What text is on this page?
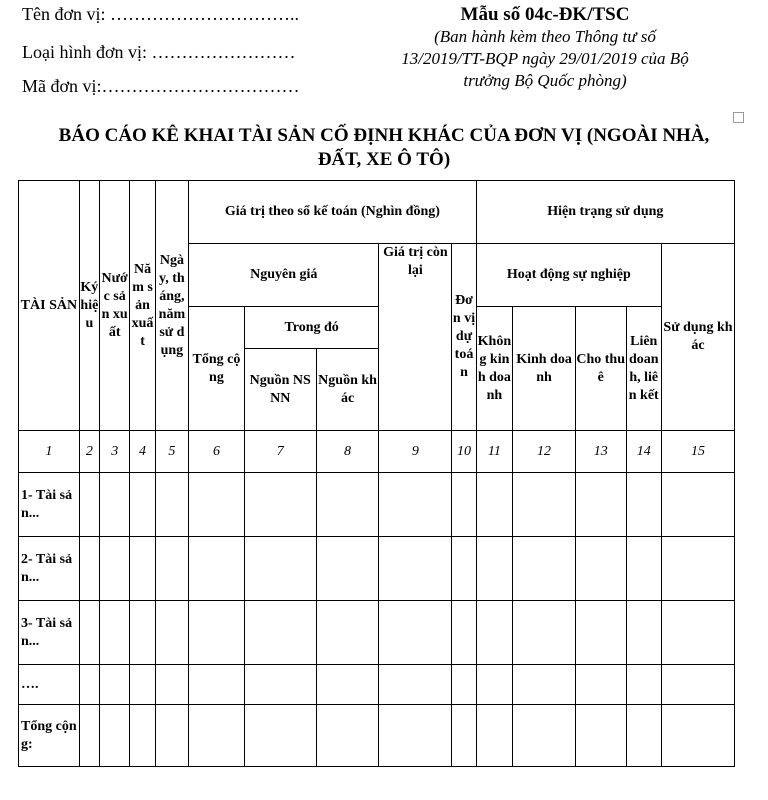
Tên đơn vị: …………………………..
Loại hình đơn vị: ……………………
Mã đơn vị:……………………………
Mẫu số 04c-ĐK/TSC
(Ban hành kèm theo Thông tư số
13/2019/TT-BQP ngày 29/01/2019 của Bộ
trưởng Bộ Quốc phòng)
BÁO CÁO KÊ KHAI TÀI SẢN CỐ ĐỊNH KHÁC CỦA ĐƠN VỊ (NGOÀI NHÀ,
ĐẤT, XE Ô TÔ)
TÀI SẢN	Ký hiệu	Nước sản xuất	Năm sản xuất	Ngày, tháng, năm sử dụng	Giá trị theo sổ kế toán (Nghìn đồng)					Hiện trạng sử dụng				
					Nguyên giá			Giá trị còn lại	Đơn vị dự toán	Hoạt động sự nghiệp				Sử dụng khác
					Tổng cộng	Trong đó				Không kinh doanh	Kinh doanh	Cho thuê	Liên doanh, liên kết	
						Nguồn NSNN	Nguồn khác							
1	2	3	4	5	6	7	8	9	10	11	12	13	14	15
1- Tài sản...														
2- Tài sản...														
3- Tài sản...														
….														
Tổng cộng:														
